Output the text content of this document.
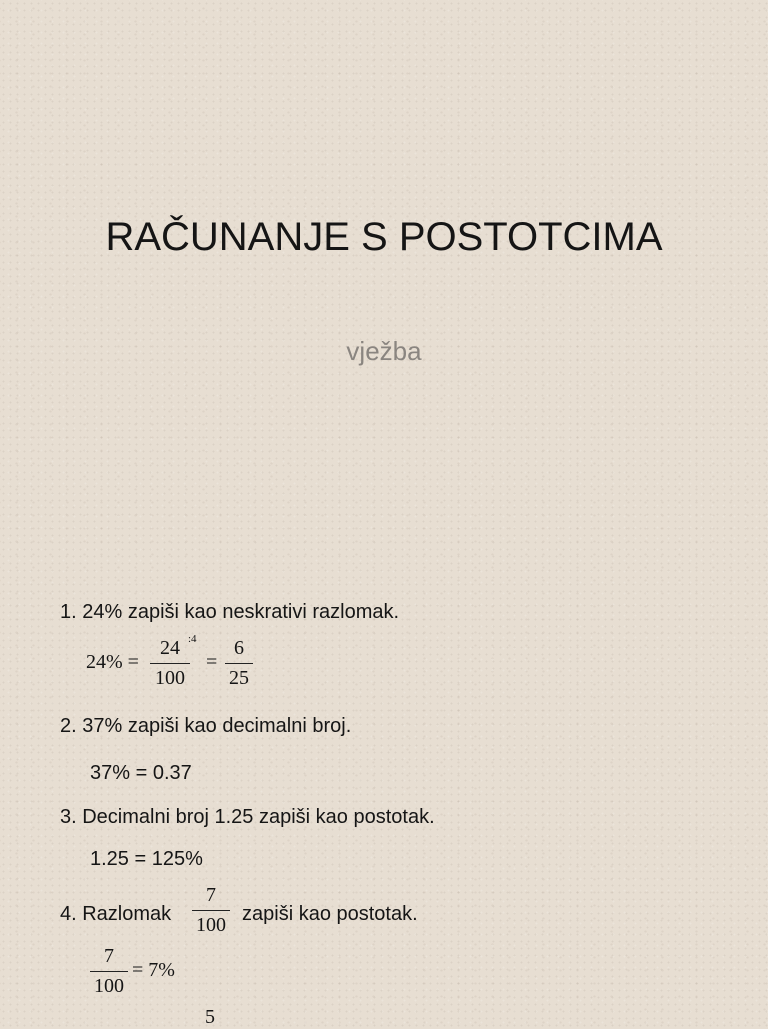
RAČUNANJE S POSTOTCIMA
vježba
1. 24% zapiši kao neskrativi razlomak.
24% =
24
100
:4
=
6
25
2. 37% zapiši kao decimalni broj.
37% = 0.37
3. Decimalni broj 1.25 zapiši kao postotak.
1.25 = 125%
4. Razlomak
7
100 zapiši kao postotak.
7
100
= 7%
5
